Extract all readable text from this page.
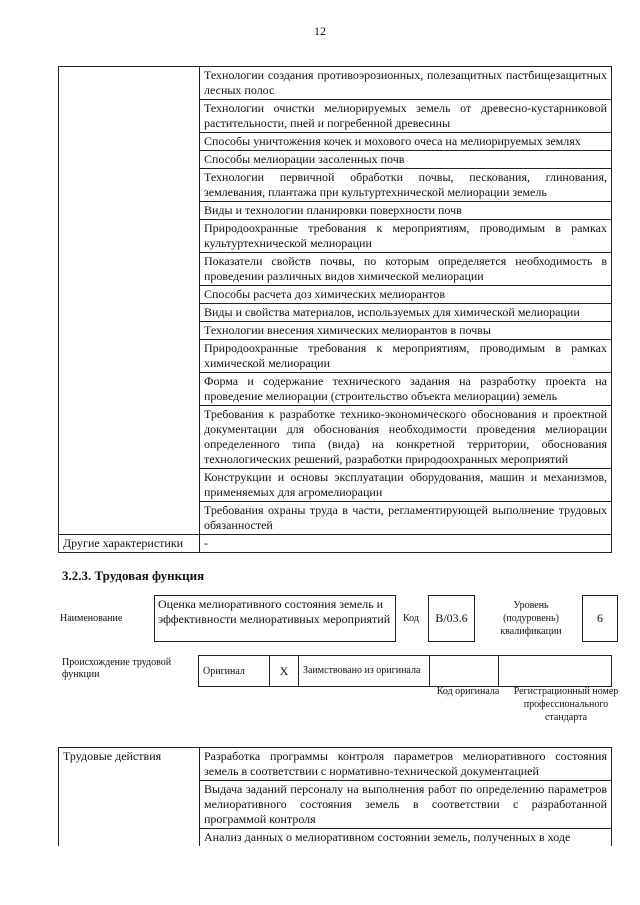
12
	Технологии создания противоэрозионных, полезащитных пастбищезащитных лесных полос
	Технологии очистки мелиорируемых земель от древесно-кустарниковой растительности, пней и погребенной древесины
	Способы уничтожения кочек и мохового очеса на мелиорируемых землях
	Способы мелиорации засоленных почв
	Технологии первичной обработки почвы, пескования, глинования, землевания, плантажа при культуртехнической мелиорации земель
	Виды и технологии планировки поверхности почв
	Природоохранные требования к мероприятиям, проводимым в рамках культуртехнической мелиорации
	Показатели свойств почвы, по которым определяется необходимость в проведении различных видов химической мелиорации
	Способы расчета доз химических мелиорантов
	Виды и свойства материалов, используемых для химической мелиорации
	Технологии внесения химических мелиорантов в почвы
	Природоохранные требования к мероприятиям, проводимым в рамках химической мелиорации
	Форма и содержание технического задания на разработку проекта на проведение мелиорации (строительство объекта мелиорации) земель
	Требования к разработке технико-экономического обоснования и проектной документации для обоснования необходимости проведения мелиорации определенного типа (вида) на конкретной территории, обоснования технологических решений, разработки природоохранных мероприятий
	Конструкции и основы эксплуатации оборудования, машин и механизмов, применяемых для агромелиорации
	Требования охраны труда в части, регламентирующей выполнение трудовых обязанностей
Другие характеристики	-
3.2.3. Трудовая функция
Наименование
Оценка мелиоративного состояния земель и эффективности мелиоративных мероприятий	Код	В/03.6
Уровень (подуровень) квалификации
6
Происхождение трудовой функции	Оригинал	X	Заимствовано из оригинала		
Код оригинала	Регистрационный номер профессионального стандарта
Трудовые действия	Разработка программы контроля параметров мелиоративного состояния земель в соответствии с нормативно-технической документацией
Выдача заданий персоналу на выполнения работ по определению параметров мелиоративного состояния земель в соответствии с разработанной программой контроля
Анализ данных о мелиоративном состоянии земель, полученных в ходе
